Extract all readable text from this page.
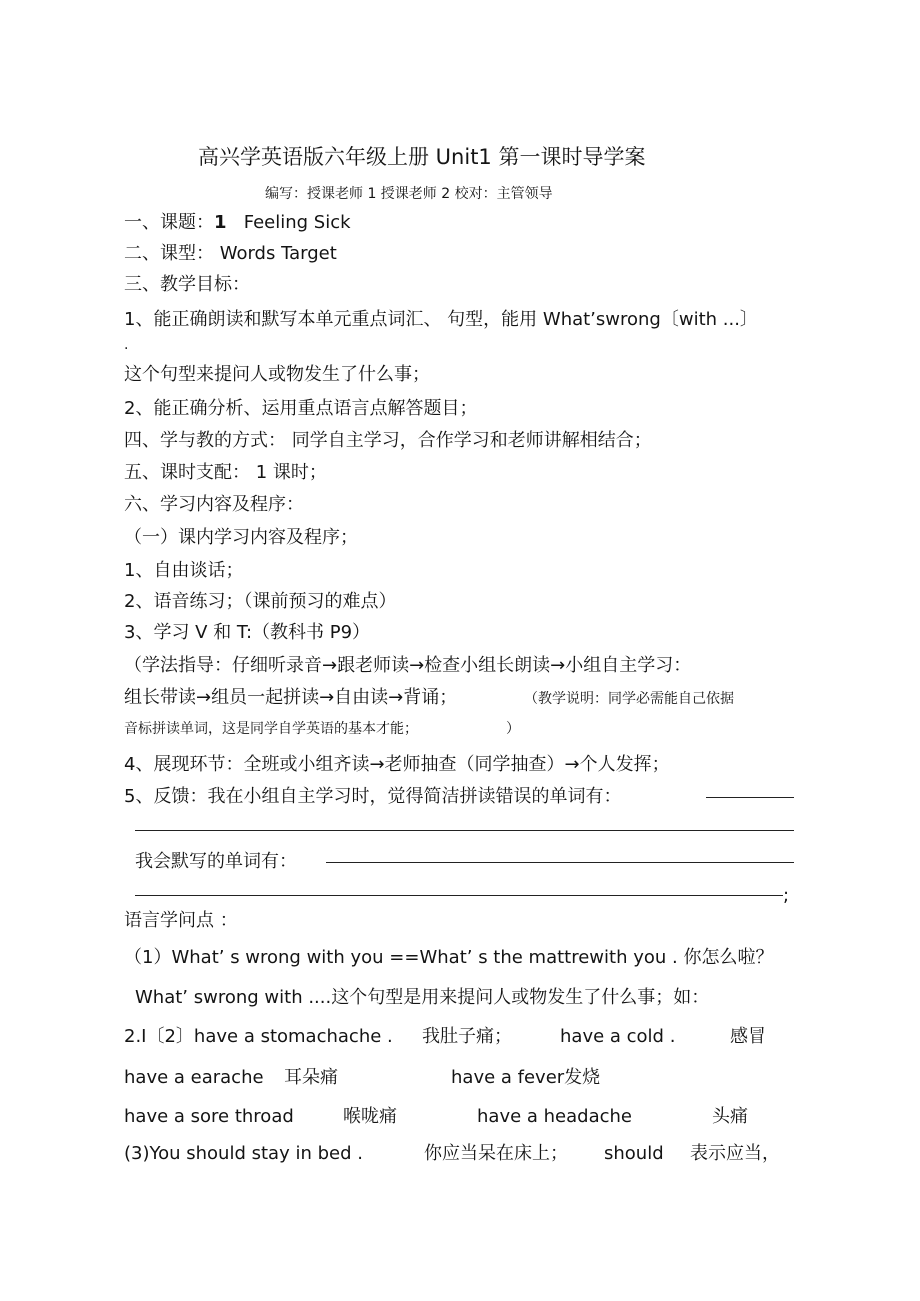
高兴学英语版六年级上册 Unit1 第一课时导学案
编写：授课老师 1 授课老师 2 校对：主管领导
一、课题：1 Feeling Sick
二、课型： Words Target
三、教学目标：
1、能正确朗读和默写本单元重点词汇、 句型，能用 What’swrong〔with ...〕
.
这个句型来提问人或物发生了什么事；
2、能正确分析、运用重点语言点解答题目；
四、学与教的方式： 同学自主学习，合作学习和老师讲解相结合；
五、课时支配： 1 课时；
六、学习内容及程序：
（一）课内学习内容及程序；
1、自由谈话；
2、语音练习；（课前预习的难点）
3、学习 V 和 T:（教科书 P9）
（学法指导：仔细听录音→跟老师读→检查小组长朗读→小组自主学习：
组长带读→组员一起拼读→自由读→背诵；	（教学说明：同学必需能自己依据
音标拼读单词，这是同学自学英语的基本才能；	）
4、展现环节：全班或小组齐读→老师抽查（同学抽查）→个人发挥；
5、反馈：我在小组自主学习时，觉得简洁拼读错误的单词有：
我会默写的单词有：
;
语言学问点 ：
（1）What’ s wrong with you ==What’ s the mattrewith you . 你怎么啦？
What’ swrong with ....这个句型是用来提问人或物发生了什么事；如：
2.I〔2〕have a stomachache . 我肚子痛；	have a cold .	感冒
have a earache 耳朵痛	have a fever发烧
have a sore throad	喉咙痛	have a headache	头痛
(3)You should stay in bed .	你应当呆在床上； should 表示应当，
